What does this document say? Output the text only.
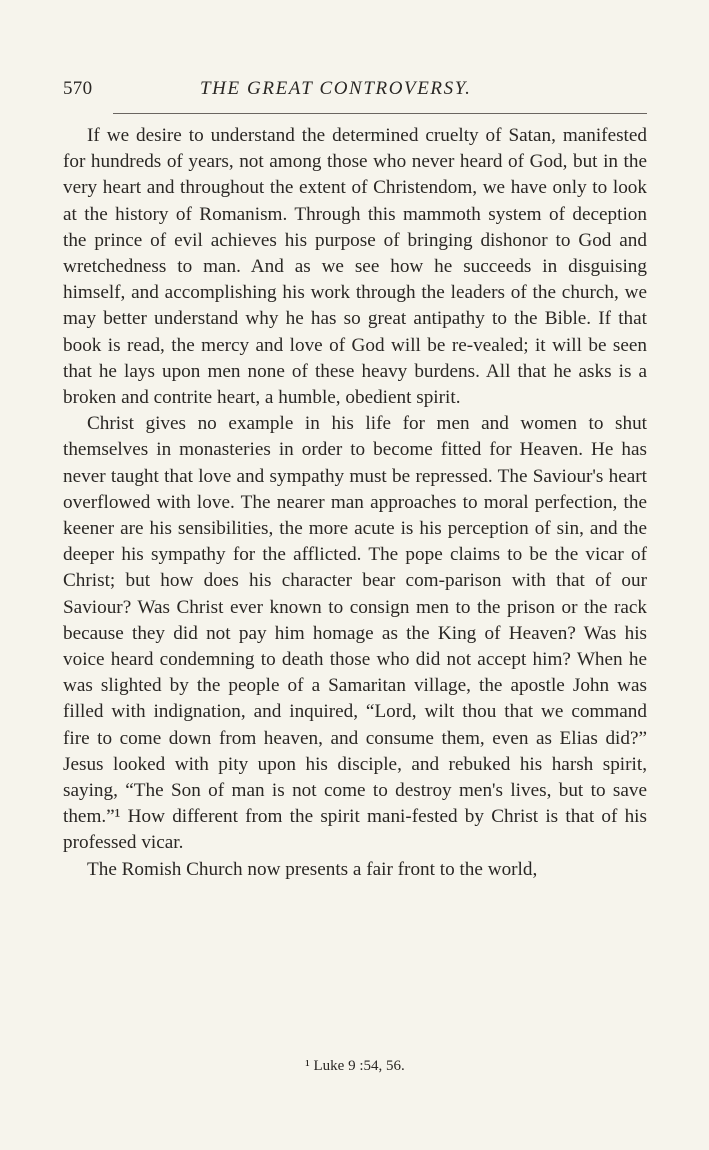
570	THE GREAT CONTROVERSY.

If we desire to understand the determined cruelty of Satan, manifested for hundreds of years, not among those who never heard of God, but in the very heart and throughout the extent of Christendom, we have only to look at the history of Romanism. Through this mammoth system of deception the prince of evil achieves his purpose of bringing dishonor to God and wretchedness to man. And as we see how he succeeds in disguising himself, and accomplishing his work through the leaders of the church, we may better understand why he has so great antipathy to the Bible. If that book is read, the mercy and love of God will be re-vealed; it will be seen that he lays upon men none of these heavy burdens. All that he asks is a broken and contrite heart, a humble, obedient spirit.

Christ gives no example in his life for men and women to shut themselves in monasteries in order to become fitted for Heaven. He has never taught that love and sympathy must be repressed. The Saviour's heart overflowed with love. The nearer man approaches to moral perfection, the keener are his sensibilities, the more acute is his perception of sin, and the deeper his sympathy for the afflicted. The pope claims to be the vicar of Christ; but how does his character bear com-parison with that of our Saviour? Was Christ ever known to consign men to the prison or the rack because they did not pay him homage as the King of Heaven? Was his voice heard condemning to death those who did not accept him? When he was slighted by the people of a Samaritan village, the apostle John was filled with indignation, and inquired, “Lord, wilt thou that we command fire to come down from heaven, and consume them, even as Elias did?” Jesus looked with pity upon his disciple, and rebuked his harsh spirit, saying, “The Son of man is not come to destroy men's lives, but to save them.”¹ How different from the spirit mani-fested by Christ is that of his professed vicar.

The Romish Church now presents a fair front to the world,

¹ Luke 9 :54, 56.
